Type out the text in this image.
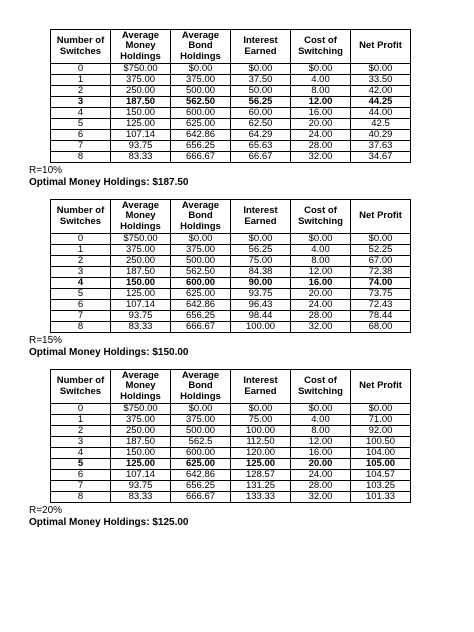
Number of Switches	Average Money Holdings	Average Bond Holdings	Interest Earned	Cost of Switching	Net Profit
0	$750.00	$0.00	$0.00	$0.00	$0.00
1	375.00	375.00	37.50	4.00	33.50
2	250.00	500.00	50.00	8.00	42.00
3	187.50	562.50	56.25	12.00	44.25
4	150.00	600.00	60.00	16.00	44.00
5	125.00	625.00	62.50	20.00	42.5
6	107.14	642.86	64.29	24.00	40.29
7	93.75	656.25	65.63	28.00	37.63
8	83.33	666.67	66.67	32.00	34.67
R=10%
Optimal Money Holdings: $187.50
Number of Switches	Average Money Holdings	Average Bond Holdings	Interest Earned	Cost of Switching	Net Profit
0	$750.00	$0.00	$0.00	$0.00	$0.00
1	375.00	375.00	56.25	4.00	52.25
2	250.00	500.00	75.00	8.00	67.00
3	187.50	562.50	84.38	12.00	72.38
4	150.00	600.00	90.00	16.00	74.00
5	125.00	625.00	93.75	20.00	73.75
6	107.14	642.86	96.43	24.00	72.43
7	93.75	656.25	98.44	28.00	78.44
8	83.33	666.67	100.00	32.00	68.00
R=15%
Optimal Money Holdings: $150.00
Number of Switches	Average Money Holdings	Average Bond Holdings	Interest Earned	Cost of Switching	Net Profit
0	$750.00	$0.00	$0.00	$0.00	$0.00
1	375.00	375.00	75.00	4.00	71.00
2	250.00	500.00	100.00	8.00	92.00
3	187.50	562.5	112.50	12.00	100.50
4	150.00	600.00	120.00	16.00	104.00
5	125.00	625.00	125.00	20.00	105.00
6	107.14	642.86	128.57	24.00	104.57
7	93.75	656.25	131.25	28.00	103.25
8	83.33	666.67	133.33	32.00	101.33
R=20%
Optimal Money Holdings: $125.00
